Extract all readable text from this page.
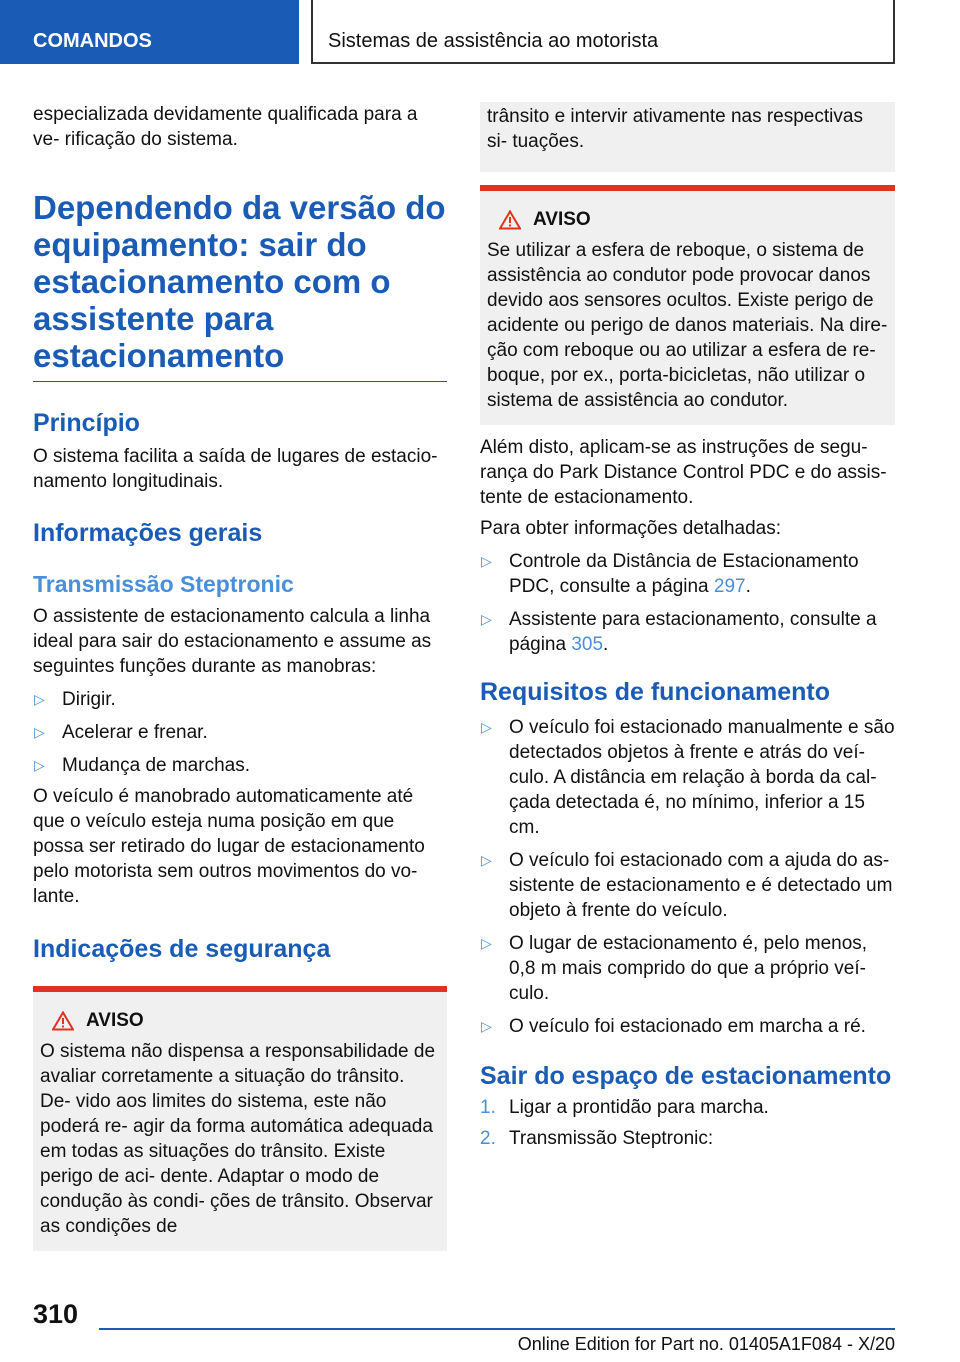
COMANDOS	Sistemas de assistência ao motorista

especializada devidamente qualificada para a ve‐ rificação do sistema.

Dependendo da versão do equipamento: sair do estacionamento com o assistente para estacionamento
Princípio

O sistema facilita a saída de lugares de estacio‐ namento longitudinais.

Informações gerais
Transmissão Steptronic

O assistente de estacionamento calcula a linha ideal para sair do estacionamento e assume as seguintes funções durante as manobras:

▷ Dirigir.
▷ Acelerar e frenar.
▷ Mudança de marchas.

O veículo é manobrado automaticamente até que o veículo esteja numa posição em que possa ser retirado do lugar de estacionamento pelo motorista sem outros movimentos do vo‐ lante.

Indicações de segurança
AVISO

O sistema não dispensa a responsabilidade de avaliar corretamente a situação do trânsito. De‐ vido aos limites do sistema, este não poderá re‐ agir da forma automática adequada em todas as situações do trânsito. Existe perigo de aci‐ dente. Adaptar o modo de condução às condi‐ ções de trânsito. Observar as condições de

trânsito e intervir ativamente nas respectivas si‐ tuações.

AVISO

Se utilizar a esfera de reboque, o sistema de assistência ao condutor pode provocar danos devido aos sensores ocultos. Existe perigo de acidente ou perigo de danos materiais. Na dire‐ ção com reboque ou ao utilizar a esfera de re‐ boque, por ex., porta-bicicletas, não utilizar o sistema de assistência ao condutor.

Além disto, aplicam-se as instruções de segu‐ rança do Park Distance Control PDC e do assis‐ tente de estacionamento.

Para obter informações detalhadas:

▷ Controle da Distância de Estacionamento PDC, consulte a página 297.
▷ Assistente para estacionamento, consulte a página 305.
Requisitos de funcionamento
▷ O veículo foi estacionado manualmente e são detectados objetos à frente e atrás do veí‐ culo. A distância em relação à borda da cal‐ çada detectada é, no mínimo, inferior a 15 cm.
▷ O veículo foi estacionado com a ajuda do as‐ sistente de estacionamento e é detectado um objeto à frente do veículo.
▷ O lugar de estacionamento é, pelo menos, 0,8 m mais comprido do que a próprio veí‐ culo.
▷ O veículo foi estacionado em marcha a ré.
Sair do espaço de estacionamento
1. Ligar a prontidão para marcha.
2. Transmissão Steptronic:
310
Online Edition for Part no. 01405A1F084 - X/20
